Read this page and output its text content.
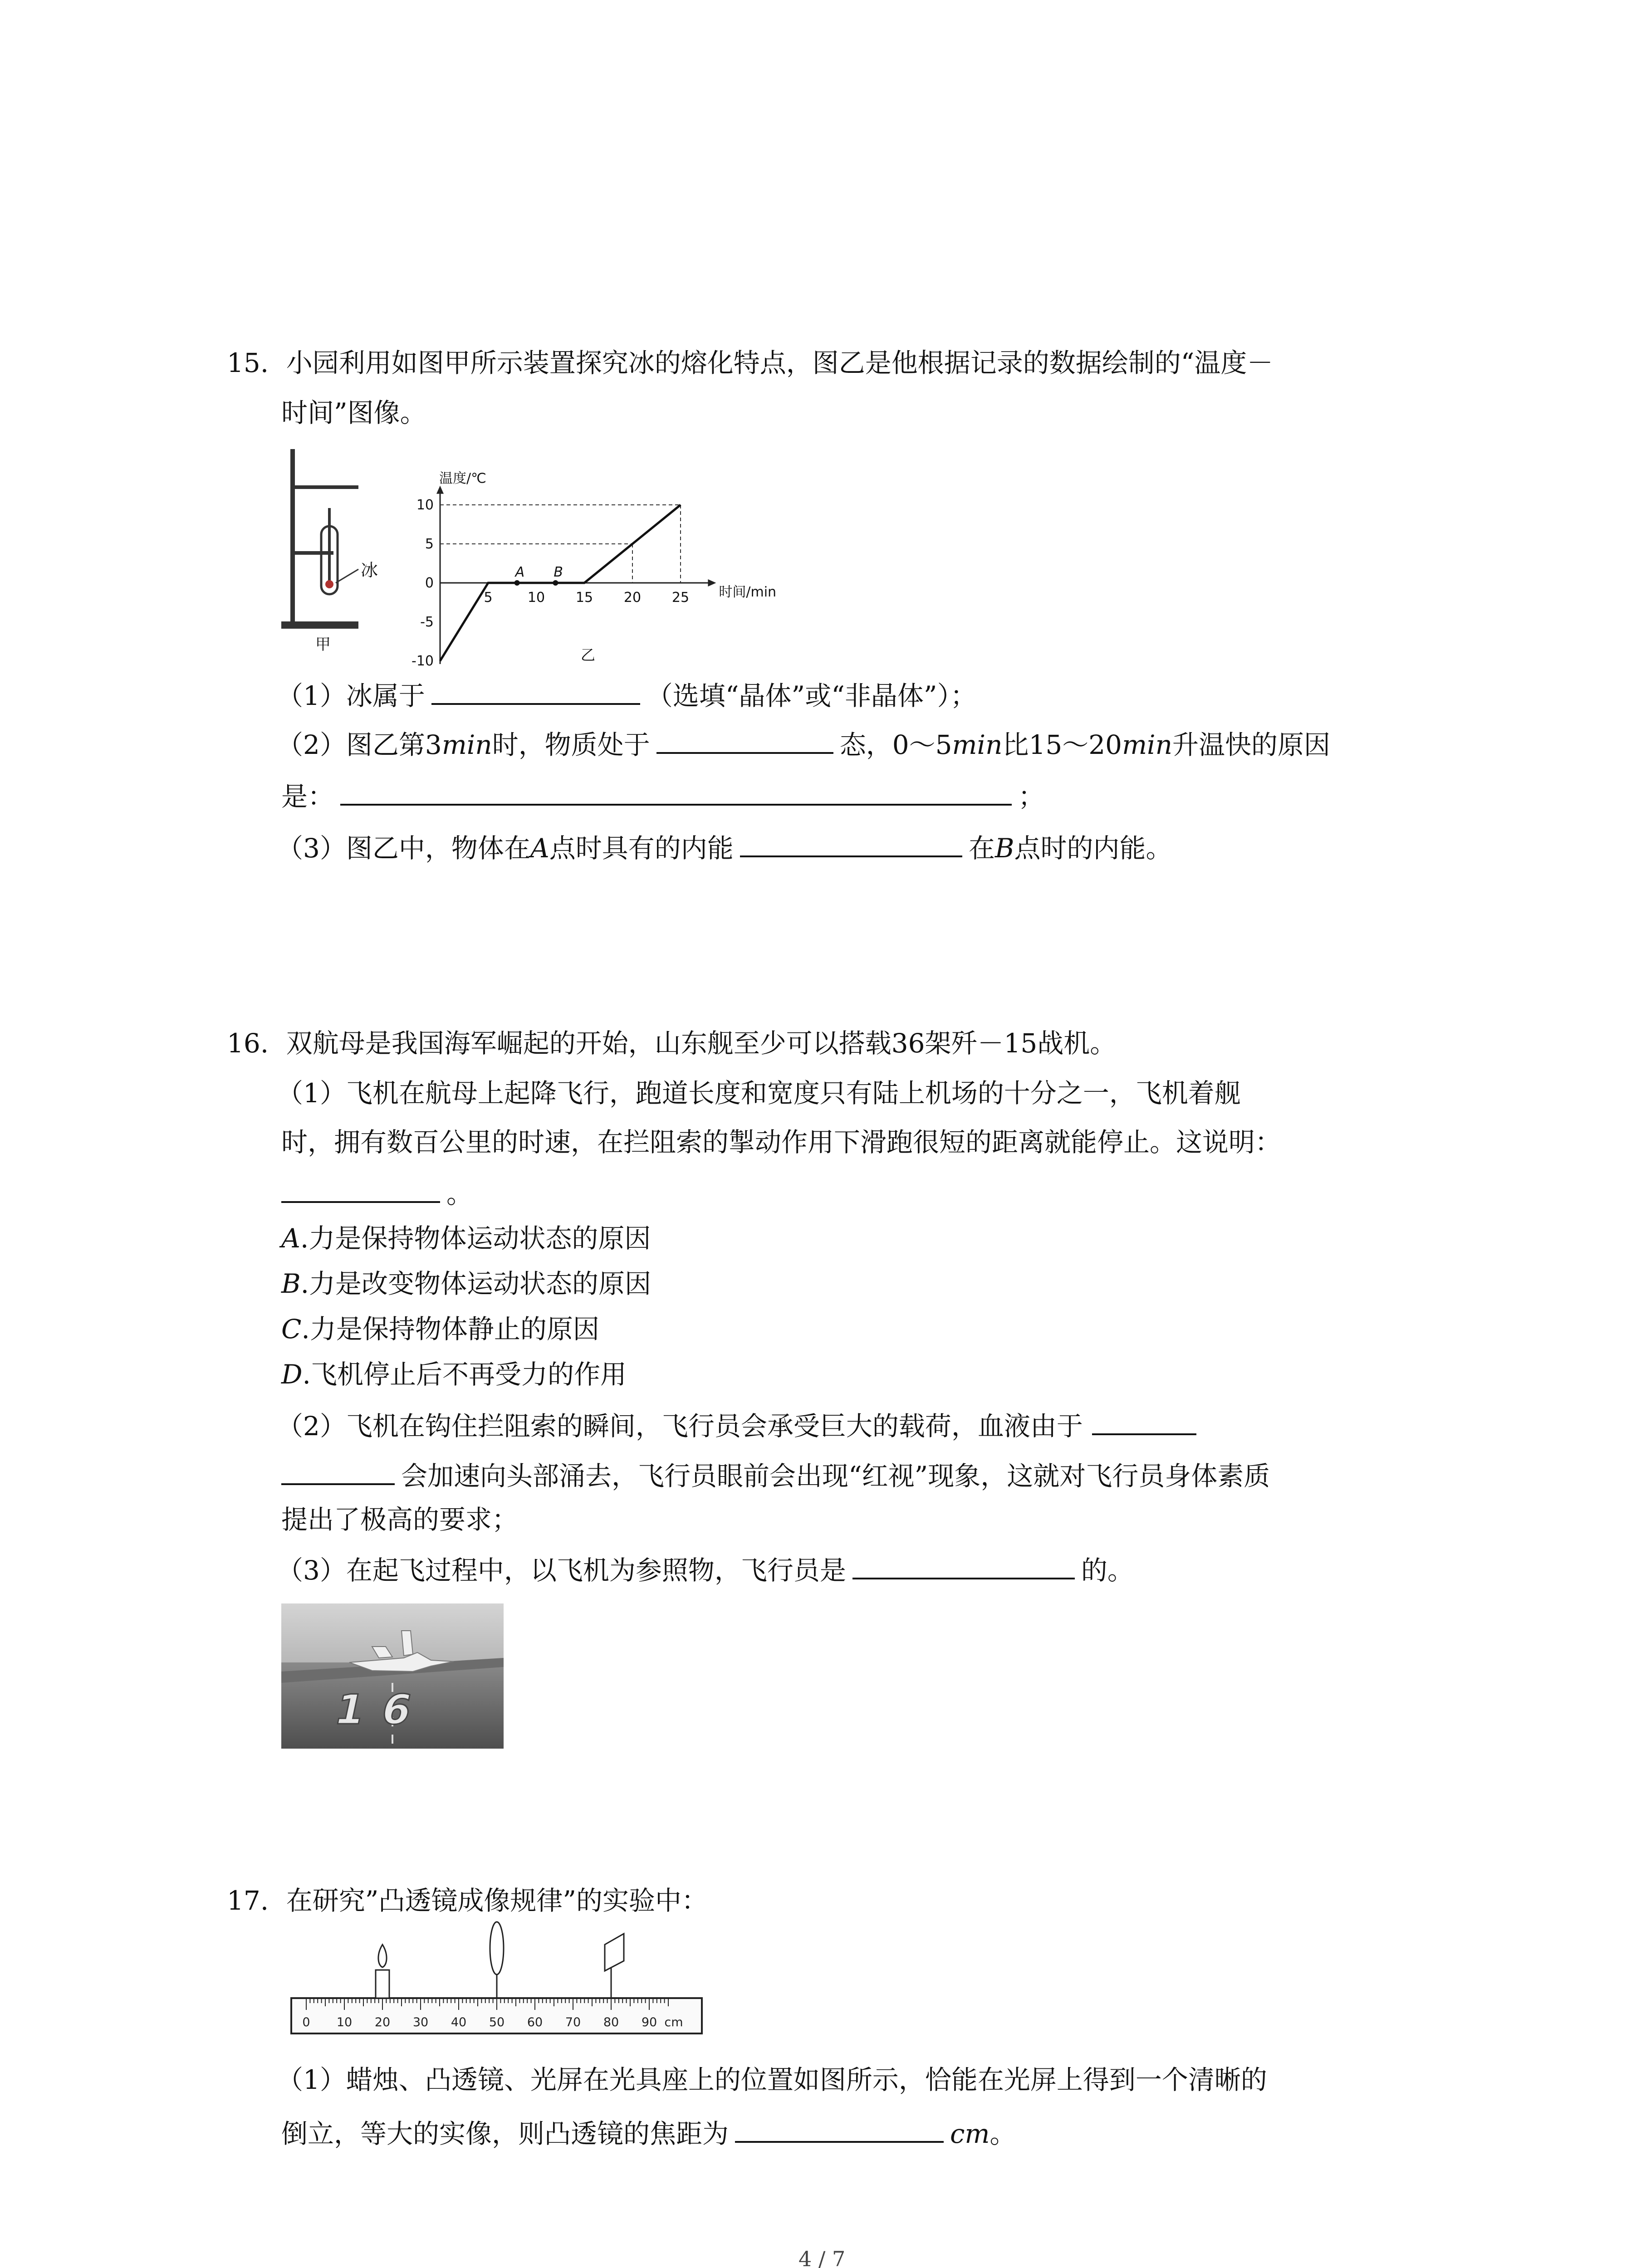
15. 小园利用如图甲所示装置探究冰的熔化特点，图乙是他根据记录的数据绘制的“温度－
时间”图像。
冰
甲
温度/℃
时间/min
10
5
0
-5
-10
5	10 15 20 25
A B
乙
（1）冰属于	（选填“晶体”或“非晶体”）；
（2）图乙第3min时，物质处于	态，0～5min比15～20min升温快的原因
是：	；
（3）图乙中，物体在A点时具有的内能	在B点时的内能。
16. 双航母是我国海军崛起的开始，山东舰至少可以搭载36架歼－15战机。
（1）飞机在航母上起降飞行，跑道长度和宽度只有陆上机场的十分之一，飞机着舰
时，拥有数百公里的时速，在拦阻索的掣动作用下滑跑很短的距离就能停止。这说明：
。
A.力是保持物体运动状态的原因
B.力是改变物体运动状态的原因
C.力是保持物体静止的原因
D.飞机停止后不再受力的作用
（2）飞机在钩住拦阻索的瞬间，飞行员会承受巨大的载荷，血液由于
会加速向头部涌去，飞行员眼前会出现“红视”现象，这就对飞行员身体素质
提出了极高的要求；
（3）在起飞过程中，以飞机为参照物，飞行员是	的。
16
17. 在研究”凸透镜成像规律”的实验中：
0 10 20 30 40 50 60 70 80 90 cm
（1）蜡烛、凸透镜、光屏在光具座上的位置如图所示，恰能在光屏上得到一个清晰的
倒立，等大的实像，则凸透镜的焦距为	cm。
4 / 7
